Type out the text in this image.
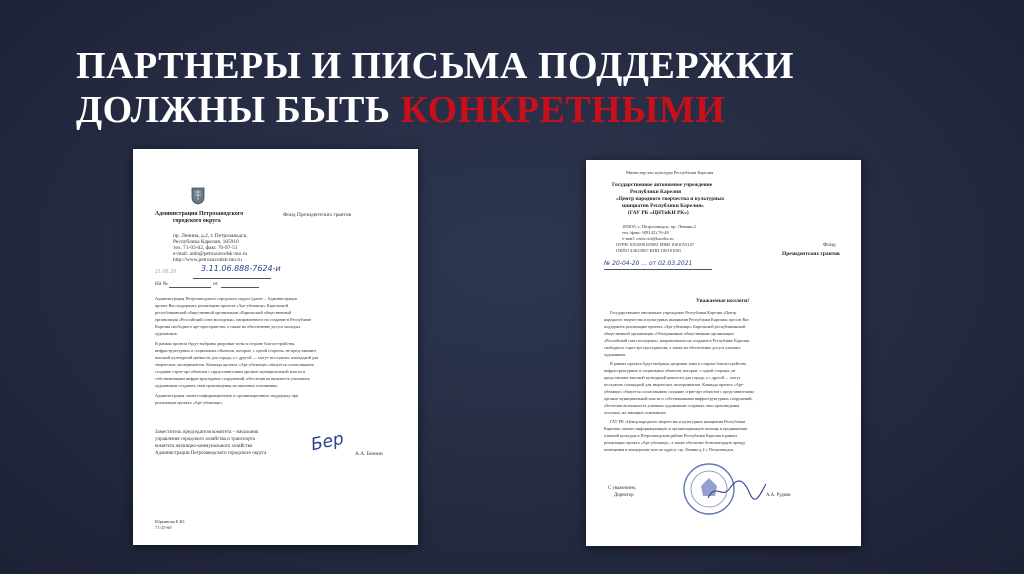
ПАРТНЕРЫ И ПИСЬМА ПОДДЕРЖКИ
ДОЛЖНЫ БЫТЬ КОНКРЕТНЫМИ
Администрация Петрозаводского
городского округа
Фонд Президентских грантов
пр. Ленина, д.2, г. Петрозаводск,
Республика Карелия, 185910
тел. 71-03-02, факс 76-97-51
e-mail: adm@petrozavodsk-mo.ru
http://www.petrozavodsk-mo.ru
21.08.20	3.11.06.888-7624-и
На №	от
Администрация Петрозаводского городского округа (далее – Администрация
проект Вы поддержать реализацию проекта «Арт-убежище» Карельской
республиканской общественной организации «Карельский общественный
организация «Российский союз молодежи», направленного на создание в Республике
Карелия свободного арт-пространства, а также на обеспечение досуга молодых
художников.
В рамках проекта будут выбраны дворовые зоны в стороне благоустройства,
инфраструктурных и социальных объектов, которые, с одной стороны, не представляют
высокой культурной ценности для города, а с другой — могут послужить площадкой для
творческих экспериментов. Команда проекта «Арт-убежище» обязуется согласовывать
создание стрит-арт объектов с представителями органов муниципальной власти и
собственниками инфраструктурных сооружений, обеспечив возможность учитывать
художникам создавать свои произведения на законных основаниях.
Администрация окажет информационную и организационную поддержку при
реализации проекта «Арт-убежище».
Заместитель председателя комитета – начальник
управления городского хозяйства и транспорта
комитета жилищно-коммунального хозяйства
Администрации Петрозаводского городского округа	Бер А.А. Бевзин
Юрьянова Е.Ю.
71-25-60
Министерство культуры Республики Карелия
Государственное автономное учреждение
Республики Карелия
«Центр народного творчества и культурных
инициатив Республики Карелия»
(ГАУ РК «ЦНТиКИ РК»)
185035, г. Петрозаводск, пр. Ленина,2
тел./факс: 8(8142) 76-48
e-mail: centr.cnt@karelia.ru
ОГРН 1051000185081 ИНН 1001053147
ОКПО 43613857 КПП 100101001
№ 20-04-20 ... от 02.03.2021
Фонд
Президентских грантов
Уважаемые коллеги!
Государственное автономное учреждение Республики Карелия «Центр
народного творчества и культурных инициатив Республики Карелия» просит Вас
поддержать реализацию проекта «Арт-убежище» Карельской республиканской
общественной организации «Объединенные общественные организации
«Российский союз молодежи», направленного на создание в Республике Карелия
свободного стрит-арт пространства, а также на обеспечение досуга уличных
художников.
В рамках проекта будут выбраны дворовые зоны в стороне благоустройства,
инфраструктурных и социальных объектов, которые, с одной стороны, не
представляют высокой культурной ценности для города, а с другой — могут
послужить площадкой для творческих экспериментов. Команда проекта «Арт-
убежище» обязуется согласовывать создание стрит-арт объектов с представителями
органов муниципальной власти и собственниками инфраструктурных сооружений,
обеспечив возможность уличным художникам создавать свои произведения
легально, на законных основаниях.
ГАУ РК «Центр народного творчества и культурных инициатив Республики
Карелия» окажет информационную и организационную помощь в продвижении
уличной культуры в Петрозаводском районе Республики Карелия в рамках
реализации проекта «Арт-убежище», а также обеспечит безвозмездную аренду
помещения в концертном зале по адресу: пр. Ленина д.2 г. Петрозаводск.
С уважением,
Директор	А.А. Рудков
